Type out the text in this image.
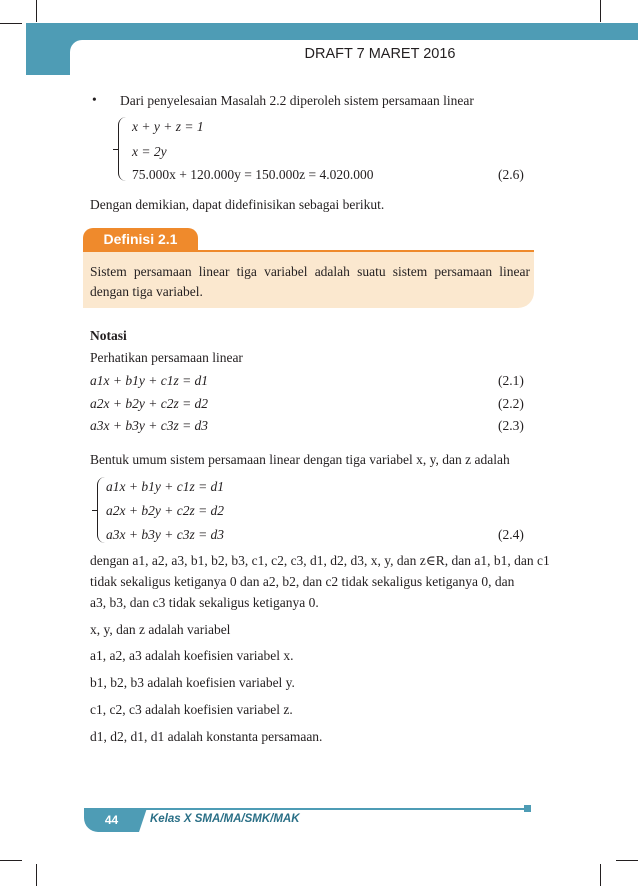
DRAFT 7 MARET 2016
• Dari penyelesaian Masalah 2.2 diperoleh sistem persamaan linear
x + y + z = 1
x = 2y
75.000x + 120.000y = 150.000z = 4.020.000	(2.6)
Dengan demikian, dapat didefinisikan sebagai berikut.
Definisi 2.1
Sistem persamaan linear tiga variabel adalah suatu sistem persamaan linear dengan tiga variabel.
Notasi
Perhatikan persamaan linear
a1x + b1y + c1z = d1	(2.1)
a2x + b2y + c2z = d2	(2.2)
a3x + b3y + c3z = d3	(2.3)
Bentuk umum sistem persamaan linear dengan tiga variabel x, y, dan z adalah
a1x + b1y + c1z = d1
a2x + b2y + c2z = d2
a3x + b3y + c3z = d3	(2.4)
dengan a1, a2, a3, b1, b2, b3, c1, c2, c3, d1, d2, d3, x, y, dan z∈R, dan a1, b1, dan c1
tidak sekaligus ketiganya 0 dan a2, b2, dan c2 tidak sekaligus ketiganya 0, dan
a3, b3, dan c3 tidak sekaligus ketiganya 0.
x, y, dan z adalah variabel
a1, a2, a3 adalah koefisien variabel x.
b1, b2, b3 adalah koefisien variabel y.
c1, c2, c3 adalah koefisien variabel z.
d1, d2, d1, d1 adalah konstanta persamaan.
44	Kelas X SMA/MA/SMK/MAK
